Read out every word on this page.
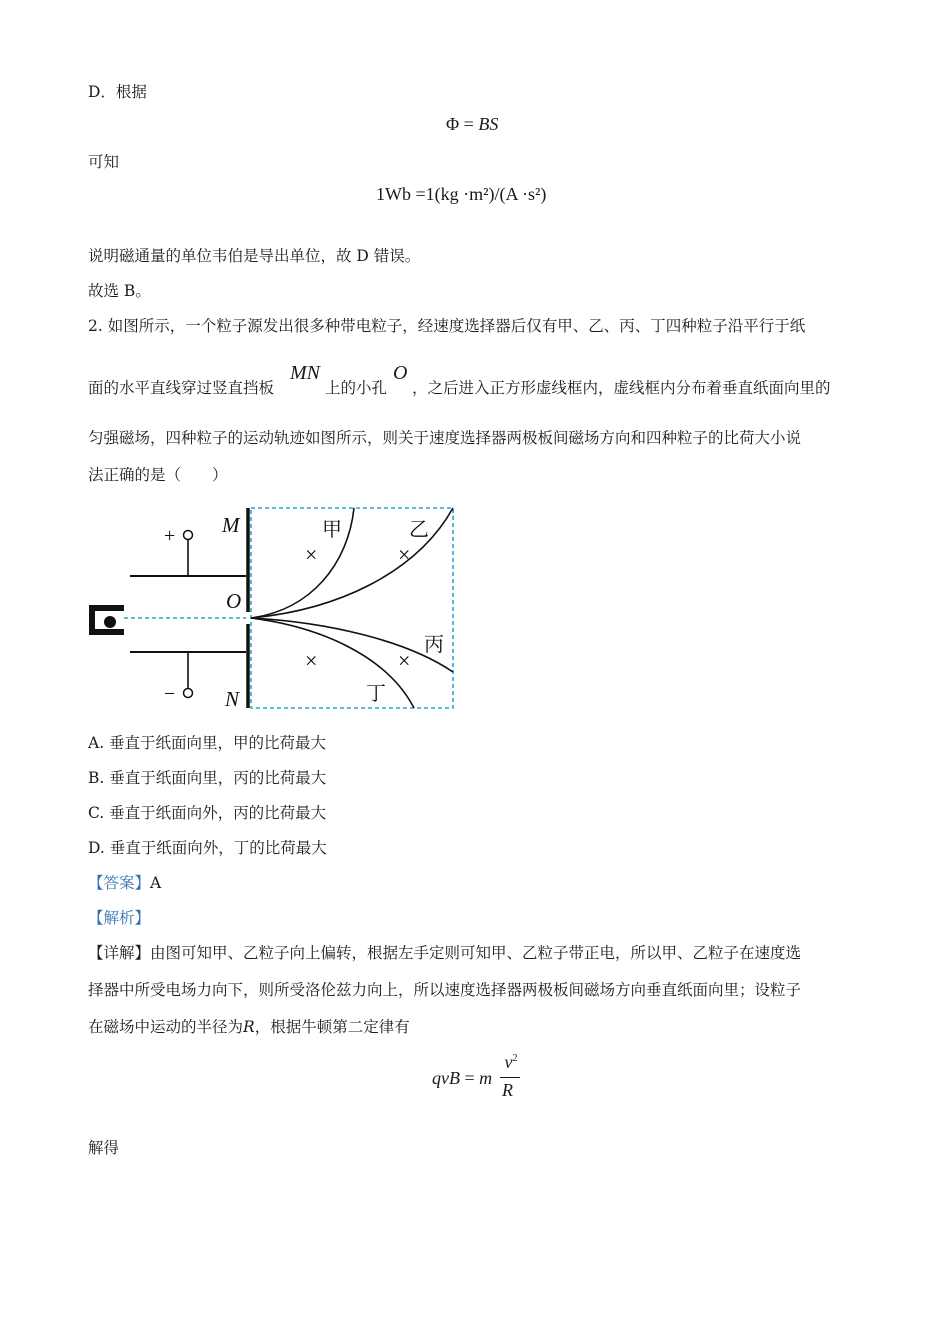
D．根据
Φ = BS
可知
1Wb =1(kg ·m²)/(A ·s²)
说明磁通量的单位韦伯是导出单位，故 D 错误。
故选 B。
2. 如图所示，一个粒子源发出很多种带电粒子，经速度选择器后仅有甲、乙、丙、丁四种粒子沿平行于纸
面的水平直线穿过竖直挡板
MN
上的小孔
O
，之后进入正方形虚线框内，虚线框内分布着垂直纸面向里的
匀强磁场，四种粒子的运动轨迹如图所示，则关于速度选择器两极板间磁场方向和四种粒子的比荷大小说
法正确的是（　　）
+
−
M
O
N
甲	乙
丙
丁
×	×
×	×
A. 垂直于纸面向里，甲的比荷最大
B. 垂直于纸面向里，丙的比荷最大
C. 垂直于纸面向外，丙的比荷最大
D. 垂直于纸面向外，丁的比荷最大
【答案】A
【解析】
【详解】由图可知甲、乙粒子向上偏转，根据左手定则可知甲、乙粒子带正电，所以甲、乙粒子在速度选
择器中所受电场力向下，则所受洛伦兹力向上，所以速度选择器两极板间磁场方向垂直纸面向里；设粒子
在磁场中运动的半径为R，根据牛顿第二定律有
qvB = m
$v^2$
R
解得
